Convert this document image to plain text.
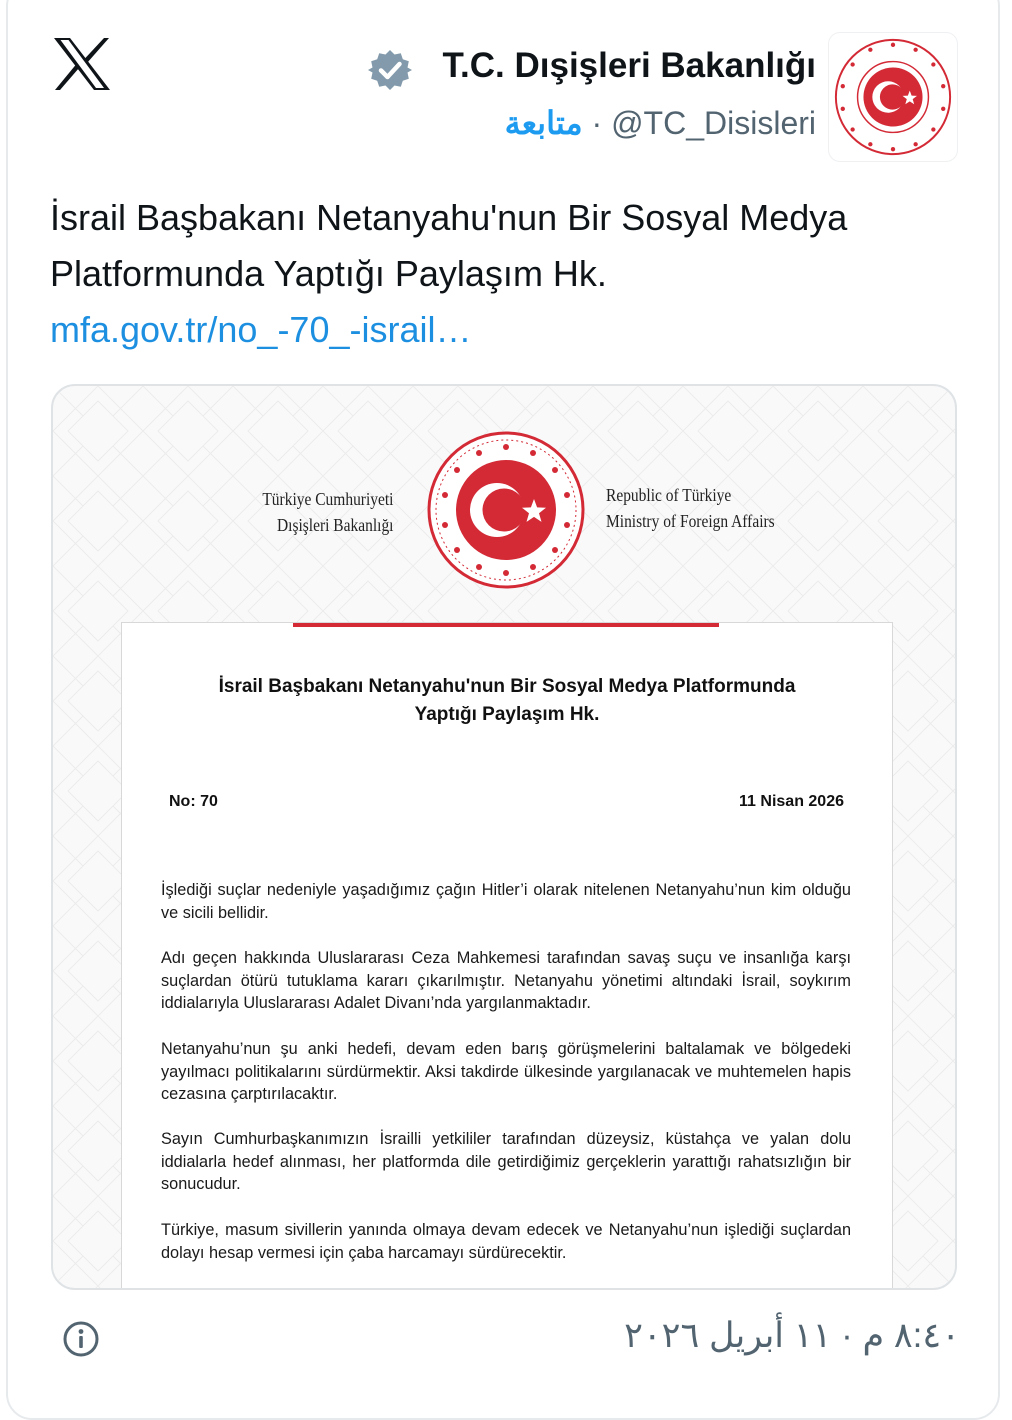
T.C. Dışişleri Bakanlığı
متابعة · @TC_Disisleri

İsrail Başbakanı Netanyahu'nun Bir Sosyal Medya Platformunda Yaptığı Paylaşım Hk.

mfa.gov.tr/no_-70_-israil…
Türkiye Cumhuriyeti
Dışişleri Bakanlığı
Republic of Türkiye
Ministry of Foreign Affairs

İsrail Başbakanı Netanyahu'nun Bir Sosyal Medya Platformunda
Yaptığı Paylaşım Hk.

No: 70	11 Nisan 2026

İşlediği suçlar nedeniyle yaşadığımız çağın Hitler’i olarak nitelenen Netanyahu’nun kim olduğu ve sicili bellidir.

Adı geçen hakkında Uluslararası Ceza Mahkemesi tarafından savaş suçu ve insanlığa karşı suçlardan ötürü tutuklama kararı çıkarılmıştır. Netanyahu yönetimi altındaki İsrail, soykırım iddialarıyla Uluslararası Adalet Divanı’nda yargılanmaktadır.

Netanyahu’nun şu anki hedefi, devam eden barış görüşmelerini baltalamak ve bölgedeki yayılmacı politikalarını sürdürmektir. Aksi takdirde ülkesinde yargılanacak ve muhtemelen hapis cezasına çarptırılacaktır.

Sayın Cumhurbaşkanımızın İsrailli yetkililer tarafından düzeysiz, küstahça ve yalan dolu iddialarla hedef alınması, her platformda dile getirdiğimiz gerçeklerin yarattığı rahatsızlığın bir sonucudur.

Türkiye, masum sivillerin yanında olmaya devam edecek ve Netanyahu’nun işlediği suçlardan dolayı hesap vermesi için çaba harcamayı sürdürecektir.

٨:٤٠ م · ١١ أبريل ٢٠٢٦
